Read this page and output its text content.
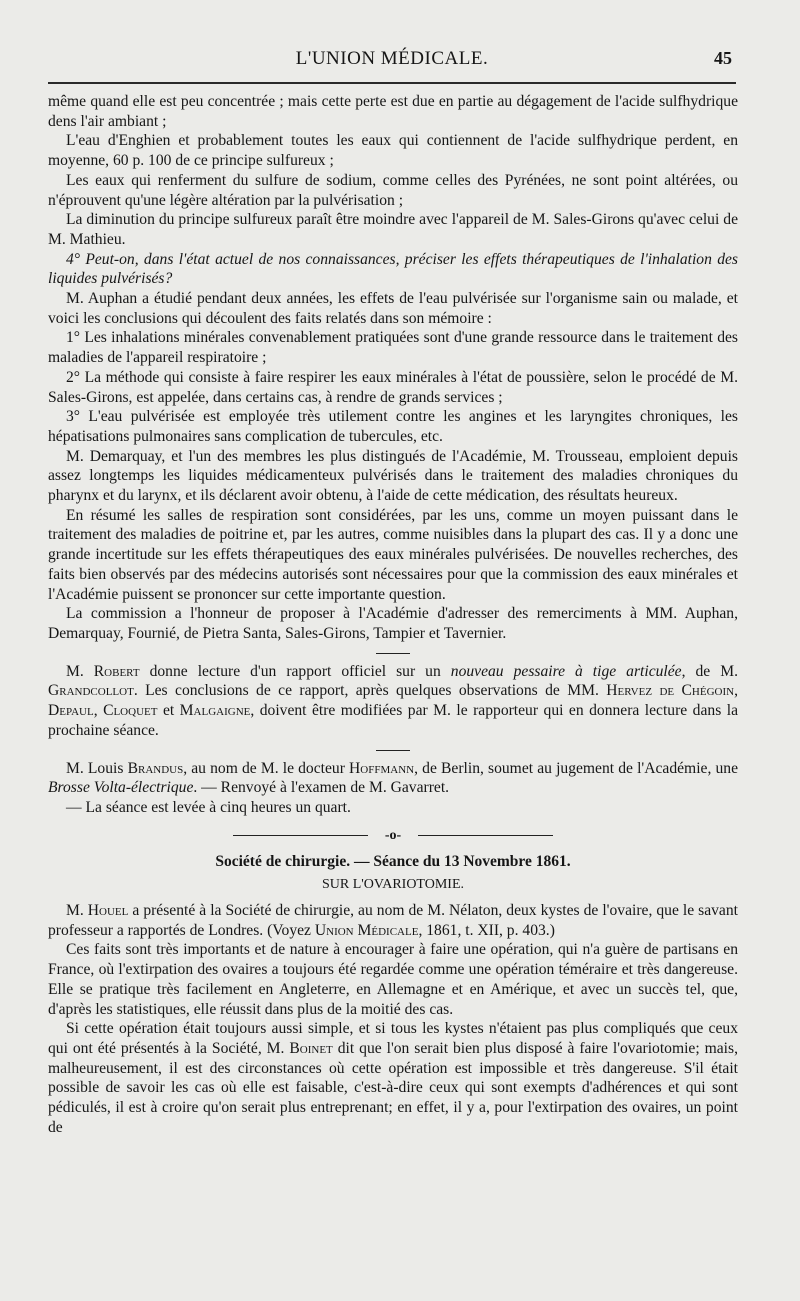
L'UNION MÉDICALE.	45

même quand elle est peu concentrée ; mais cette perte est due en partie au dégagement de l'acide sulfhydrique dens l'air ambiant ;

L'eau d'Enghien et probablement toutes les eaux qui contiennent de l'acide sulfhydrique perdent, en moyenne, 60 p. 100 de ce principe sulfureux ;

Les eaux qui renferment du sulfure de sodium, comme celles des Pyrénées, ne sont point altérées, ou n'éprouvent qu'une légère altération par la pulvérisation ;

La diminution du principe sulfureux paraît être moindre avec l'appareil de M. Sales-Girons qu'avec celui de M. Mathieu.

4° Peut-on, dans l'état actuel de nos connaissances, préciser les effets thérapeutiques de l'inhalation des liquides pulvérisés?

M. Auphan a étudié pendant deux années, les effets de l'eau pulvérisée sur l'organisme sain ou malade, et voici les conclusions qui découlent des faits relatés dans son mémoire :

1° Les inhalations minérales convenablement pratiquées sont d'une grande ressource dans le traitement des maladies de l'appareil respiratoire ;

2° La méthode qui consiste à faire respirer les eaux minérales à l'état de poussière, selon le procédé de M. Sales-Girons, est appelée, dans certains cas, à rendre de grands services ;

3° L'eau pulvérisée est employée très utilement contre les angines et les laryngites chroniques, les hépatisations pulmonaires sans complication de tubercules, etc.

M. Demarquay, et l'un des membres les plus distingués de l'Académie, M. Trousseau, emploient depuis assez longtemps les liquides médicamenteux pulvérisés dans le traitement des maladies chroniques du pharynx et du larynx, et ils déclarent avoir obtenu, à l'aide de cette médication, des résultats heureux.

En résumé les salles de respiration sont considérées, par les uns, comme un moyen puissant dans le traitement des maladies de poitrine et, par les autres, comme nuisibles dans la plupart des cas. Il y a donc une grande incertitude sur les effets thérapeutiques des eaux minérales pulvérisées. De nouvelles recherches, des faits bien observés par des médecins autorisés sont nécessaires pour que la commission des eaux minérales et l'Académie puissent se prononcer sur cette importante question.

La commission a l'honneur de proposer à l'Académie d'adresser des remerciments à MM. Auphan, Demarquay, Fournié, de Pietra Santa, Sales-Girons, Tampier et Tavernier.

M. Robert donne lecture d'un rapport officiel sur un nouveau pessaire à tige articulée, de M. Grandcollot. Les conclusions de ce rapport, après quelques observations de MM. Hervez de Chégoin, Depaul, Cloquet et Malgaigne, doivent être modifiées par M. le rapporteur qui en donnera lecture dans la prochaine séance.

M. Louis Brandus, au nom de M. le docteur Hoffmann, de Berlin, soumet au jugement de l'Académie, une Brosse Volta-électrique. — Renvoyé à l'examen de M. Gavarret.

— La séance est levée à cinq heures un quart.

-o-
Société de chirurgie. — Séance du 13 Novembre 1861.
SUR L'OVARIOTOMIE.

M. Houel a présenté à la Société de chirurgie, au nom de M. Nélaton, deux kystes de l'ovaire, que le savant professeur a rapportés de Londres. (Voyez Union Médicale, 1861, t. XII, p. 403.)

Ces faits sont très importants et de nature à encourager à faire une opération, qui n'a guère de partisans en France, où l'extirpation des ovaires a toujours été regardée comme une opération téméraire et très dangereuse. Elle se pratique très facilement en Angleterre, en Allemagne et en Amérique, et avec un succès tel, que, d'après les statistiques, elle réussit dans plus de la moitié des cas.

Si cette opération était toujours aussi simple, et si tous les kystes n'étaient pas plus compliqués que ceux qui ont été présentés à la Société, M. Boinet dit que l'on serait bien plus disposé à faire l'ovariotomie; mais, malheureusement, il est des circonstances où cette opération est impossible et très dangereuse. S'il était possible de savoir les cas où elle est faisable, c'est-à-dire ceux qui sont exempts d'adhérences et qui sont pédiculés, il est à croire qu'on serait plus entreprenant; en effet, il y a, pour l'extirpation des ovaires, un point de
